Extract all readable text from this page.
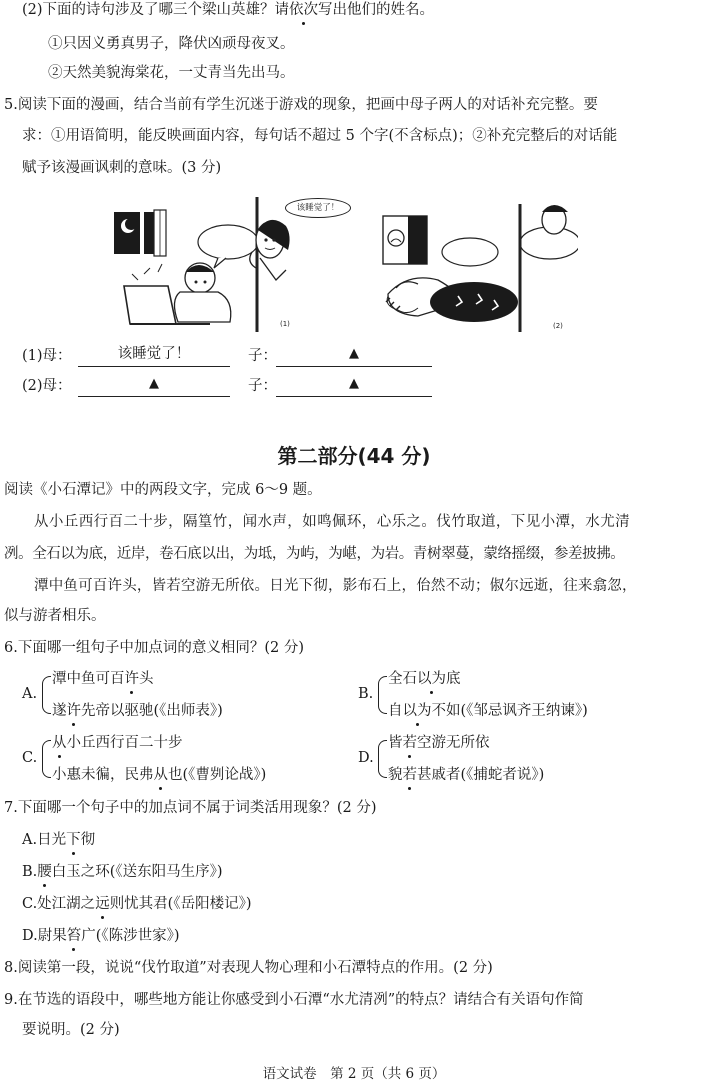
(2)下面的诗句涉及了哪三个梁山英雄？请依次写出他们的姓名。
①只因义勇真男子，降伏凶顽母夜叉。
②天然美貌海棠花，一丈青当先出马。
5.阅读下面的漫画，结合当前有学生沉迷于游戏的现象，把画中母子两人的对话补充完整。要
求：①用语简明，能反映画面内容，每句话不超过 5 个字(不含标点)；②补充完整后的对话能
赋予该漫画讽刺的意味。(3 分)
(1)
该睡觉了！
(2)
(1)母：	该睡觉了！	子：	▲
(2)母：	▲	子：	▲
第二部分(44 分)
阅读《小石潭记》中的两段文字，完成 6～9 题。
从小丘西行百二十步，隔篁竹，闻水声，如鸣佩环，心乐之。伐竹取道，下见小潭，水尤清
冽。全石以为底，近岸，卷石底以出，为坻，为屿，为嵁，为岩。青树翠蔓，蒙络摇缀，参差披拂。
潭中鱼可百许头，皆若空游无所依。日光下彻，影布石上，佁然不动；俶尔远逝，往来翕忽，
似与游者相乐。
6.下面哪一组句子中加点词的意义相同？(2 分)
A.
潭中鱼可百许头
遂许先帝以驱驰(《出师表》)
B.
全石以为底
自以为不如(《邹忌讽齐王纳谏》)
C.
从小丘西行百二十步
小惠未徧，民弗从也(《曹刿论战》)
D.
皆若空游无所依
貌若甚戚者(《捕蛇者说》)
7.下面哪一个句子中的加点词不属于词类活用现象？(2 分)
A.日光下彻
B.腰白玉之环(《送东阳马生序》)
C.处江湖之远则忧其君(《岳阳楼记》)
D.尉果笞广(《陈涉世家》)
8.阅读第一段，说说“伐竹取道”对表现人物心理和小石潭特点的作用。(2 分)
9.在节选的语段中，哪些地方能让你感受到小石潭“水尤清冽”的特点？请结合有关语句作简
要说明。(2 分)
语文试卷　第 2 页（共 6 页）
